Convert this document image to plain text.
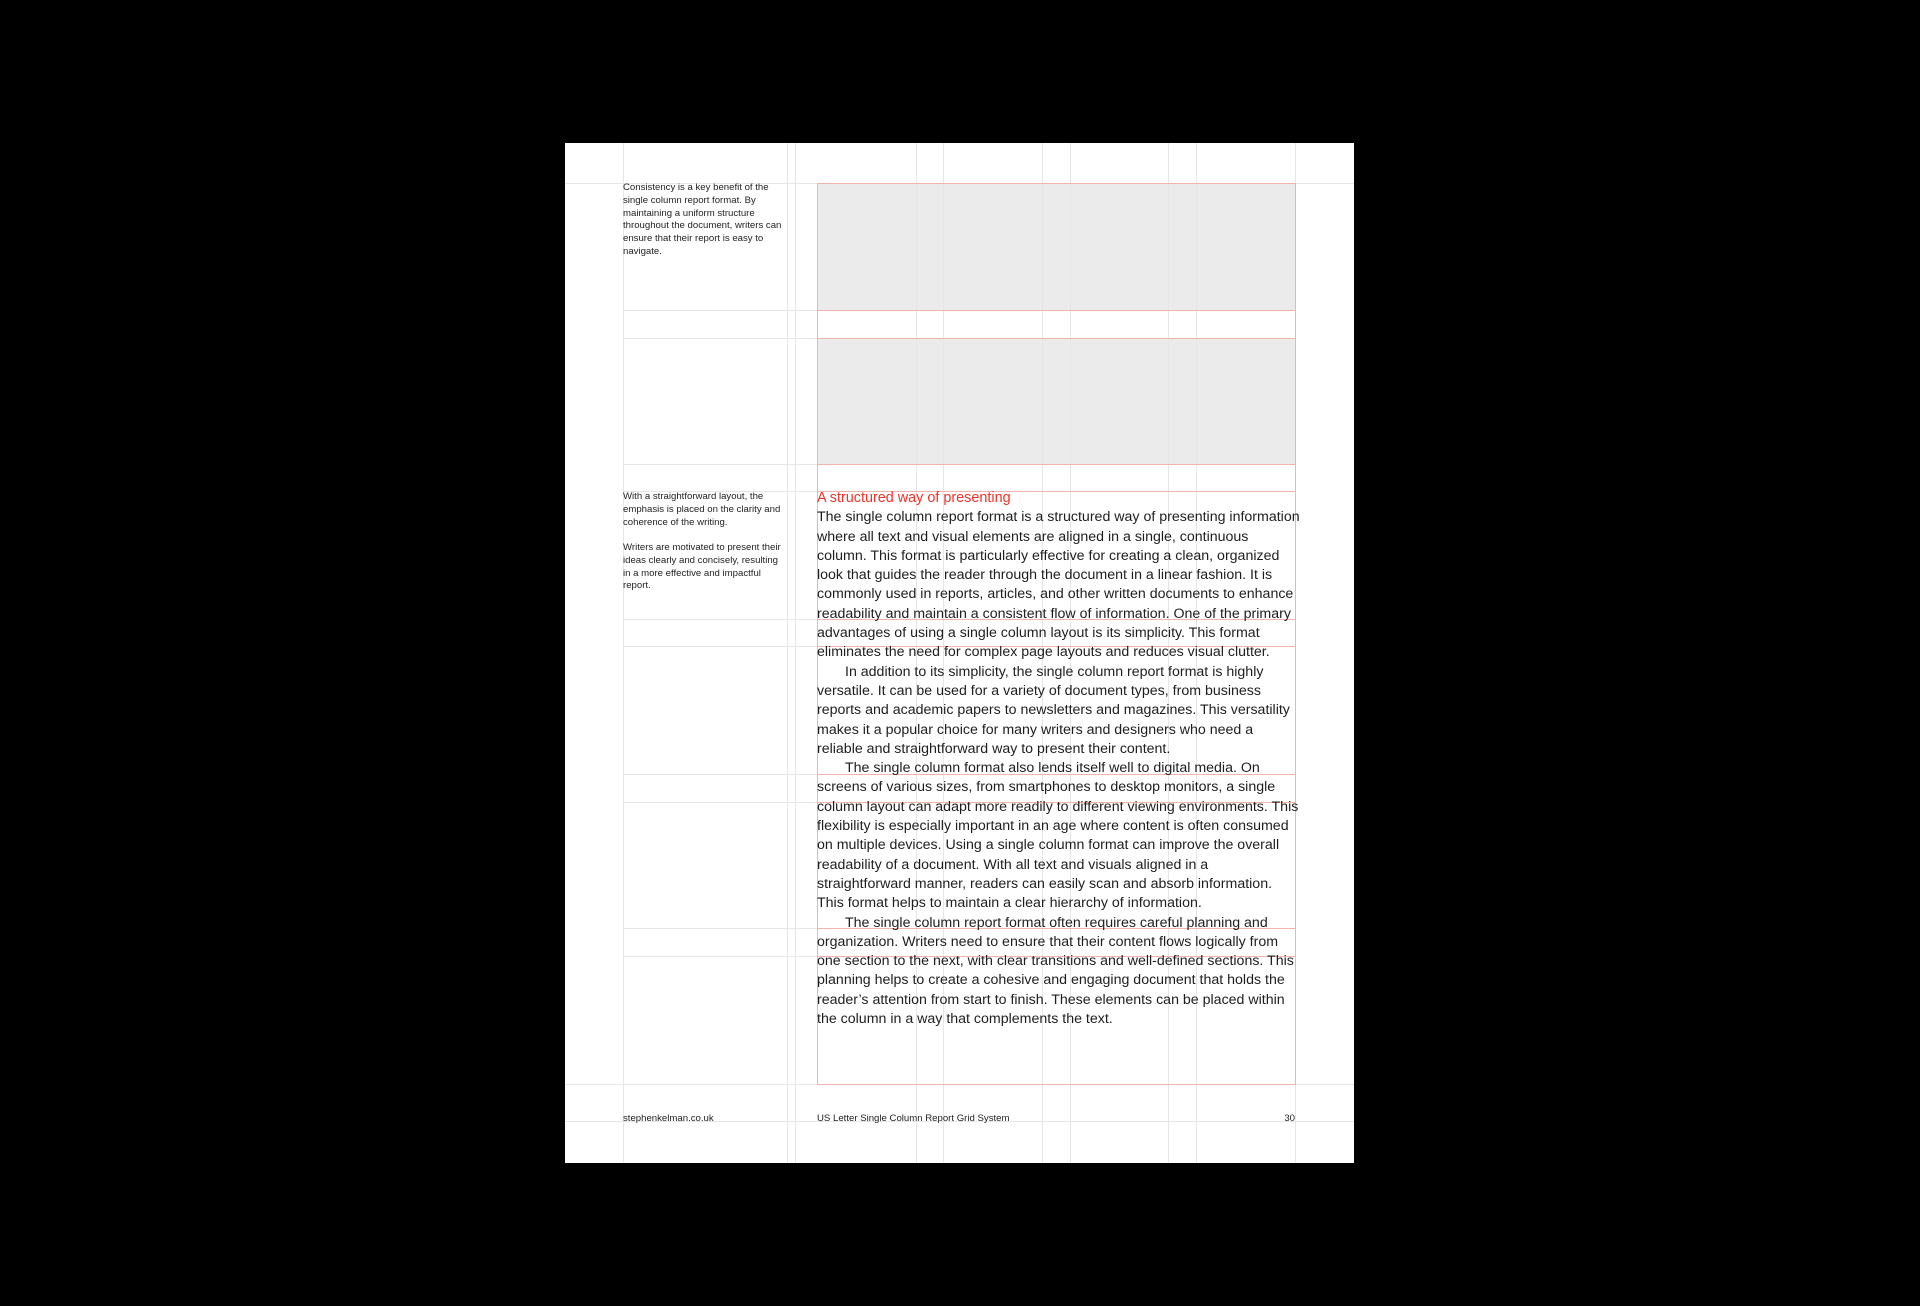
Consistency is a key benefit of the single column report format. By maintaining a uniform structure throughout the document, writers can ensure that their report is easy to navigate.

With a straightforward layout, the emphasis is placed on the clarity and coherence of the writing.

Writers are motivated to present their ideas clearly and concisely, resulting in a more effective and impactful report.

A structured way of presenting

The single column report format is a structured way of presenting information where all text and visual elements are aligned in a single, continuous column. This format is particularly effective for creating a clean, organized look that guides the reader through the document in a linear fashion. It is commonly used in reports, articles, and other written documents to enhance readability and maintain a consistent flow of information. One of the primary advantages of using a single column layout is its simplicity. This format eliminates the need for complex page layouts and reduces visual clutter.

In addition to its simplicity, the single column report format is highly versatile. It can be used for a variety of document types, from business reports and academic papers to newsletters and magazines. This versatility makes it a popular choice for many writers and designers who need a reliable and straightforward way to present their content.

The single column format also lends itself well to digital media. On screens of various sizes, from smartphones to desktop monitors, a single column layout can adapt more readily to different viewing environments. This flexibility is especially important in an age where content is often consumed on multiple devices. Using a single column format can improve the overall readability of a document. With all text and visuals aligned in a straightforward manner, readers can easily scan and absorb information. This format helps to maintain a clear hierarchy of information.

The single column report format often requires careful planning and organization. Writers need to ensure that their content flows logically from one section to the next, with clear transitions and well-defined sections. This planning helps to create a cohesive and engaging document that holds the reader’s attention from start to finish. These elements can be placed within the column in a way that complements the text.

stephenkelman.co.uk	US Letter Single Column Report Grid System	30
